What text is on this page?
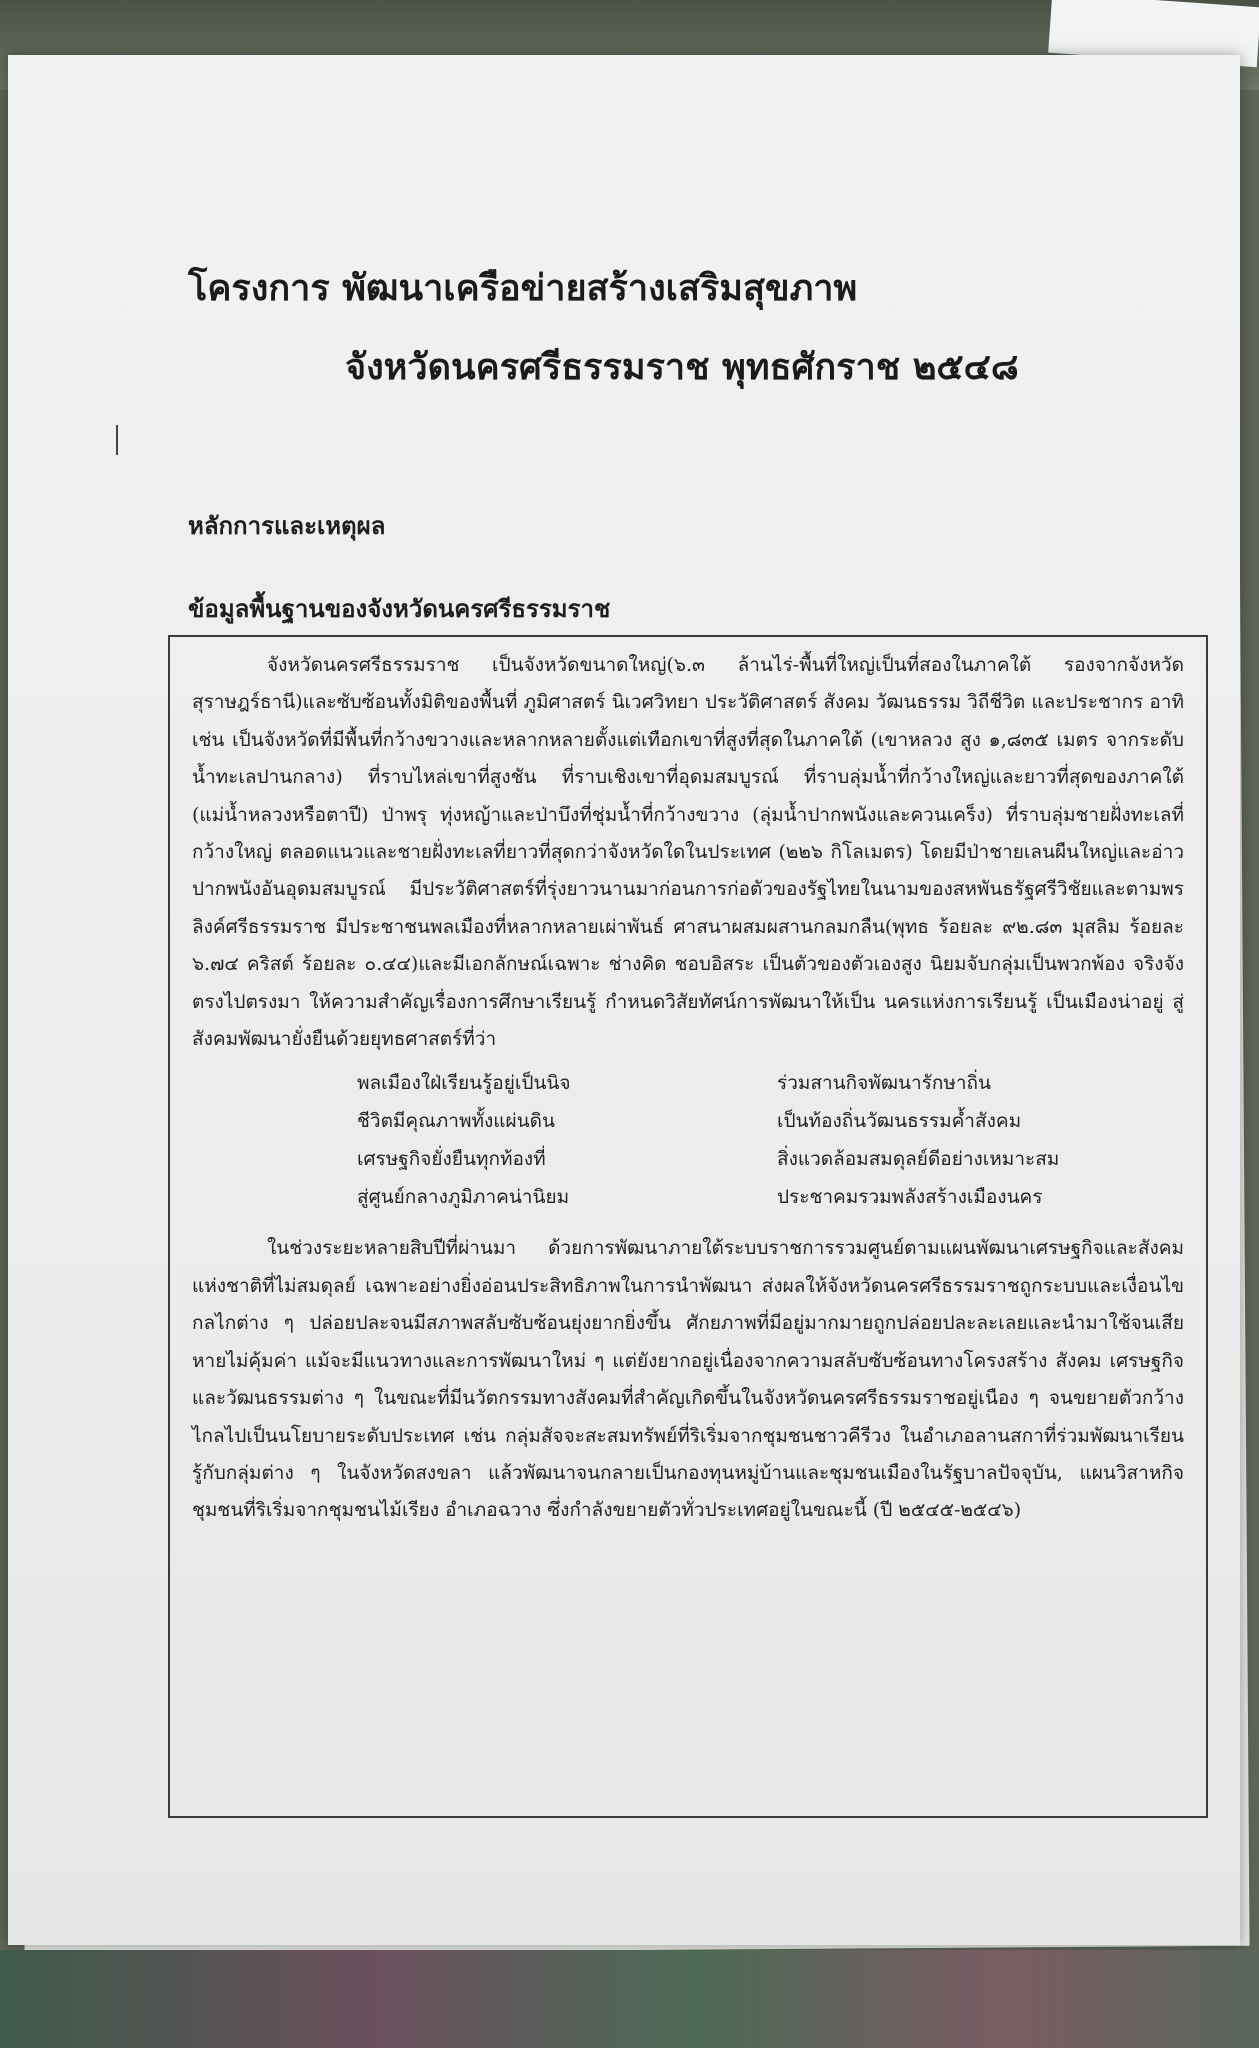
โครงการ พัฒนาเครือข่ายสร้างเสริมสุขภาพ
จังหวัดนครศรีธรรมราช พุทธศักราช ๒๕๔๘
หลักการและเหตุผล
ข้อมูลพื้นฐานของจังหวัดนครศรีธรรมราช

จังหวัดนครศรีธรรมราช เป็นจังหวัดขนาดใหญ่(๖.๓ ล้านไร่-พื้นที่ใหญ่เป็นที่สองในภาคใต้ รองจากจังหวัดสุราษฎร์ธานี)และซับซ้อนทั้งมิติของพื้นที่ ภูมิศาสตร์ นิเวศวิทยา ประวัติศาสตร์ สังคม วัฒนธรรม วิถีชีวิต และประชากร อาทิเช่น เป็นจังหวัดที่มีพื้นที่กว้างขวางและหลากหลายตั้งแต่เทือกเขาที่สูงที่สุดในภาคใต้ (เขาหลวง สูง ๑,๘๓๕ เมตร จากระดับน้ำทะเลปานกลาง) ที่ราบไหล่เขาที่สูงชัน ที่ราบเชิงเขาที่อุดมสมบูรณ์ ที่ราบลุ่มน้ำที่กว้างใหญ่และยาวที่สุดของภาคใต้ (แม่น้ำหลวงหรือตาปี) ป่าพรุ ทุ่งหญ้าและป่าบึงที่ชุ่มน้ำที่กว้างขวาง (ลุ่มน้ำปากพนังและควนเคร็ง) ที่ราบลุ่มชายฝั่งทะเลที่กว้างใหญ่ ตลอดแนวและชายฝั่งทะเลที่ยาวที่สุดกว่าจังหวัดใดในประเทศ (๒๒๖ กิโลเมตร) โดยมีป่าชายเลนผืนใหญ่และอ่าวปากพนังอันอุดมสมบูรณ์ มีประวัติศาสตร์ที่รุ่งยาวนานมาก่อนการก่อตัวของรัฐไทยในนามของสหพันธรัฐศรีวิชัยและตามพรลิงค์ศรีธรรมราช มีประชาชนพลเมืองที่หลากหลายเผ่าพันธ์ ศาสนาผสมผสานกลมกลืน(พุทธ ร้อยละ ๙๒.๘๓ มุสลิม ร้อยละ ๖.๗๔ คริสต์ ร้อยละ ๐.๔๔)และมีเอกลักษณ์เฉพาะ ช่างคิด ชอบอิสระ เป็นตัวของตัวเองสูง นิยมจับกลุ่มเป็นพวกพ้อง จริงจัง ตรงไปตรงมา ให้ความสำคัญเรื่องการศึกษาเรียนรู้ กำหนดวิสัยทัศน์การพัฒนาให้เป็น นครแห่งการเรียนรู้ เป็นเมืองน่าอยู่ สู่สังคมพัฒนายั่งยืนด้วยยุทธศาสตร์ที่ว่า

พลเมืองใฝ่เรียนรู้อยู่เป็นนิจ	ร่วมสานกิจพัฒนารักษาถิ่น
ชีวิตมีคุณภาพทั้งแผ่นดิน	เป็นท้องถิ่นวัฒนธรรมค้ำสังคม
เศรษฐกิจยั่งยืนทุกท้องที่	สิ่งแวดล้อมสมดุลย์ดีอย่างเหมาะสม
สู่ศูนย์กลางภูมิภาคน่านิยม	ประชาคมรวมพลังสร้างเมืองนคร

ในช่วงระยะหลายสิบปีที่ผ่านมา ด้วยการพัฒนาภายใต้ระบบราชการรวมศูนย์ตามแผนพัฒนาเศรษฐกิจและสังคมแห่งชาติที่ไม่สมดุลย์ เฉพาะอย่างยิ่งอ่อนประสิทธิภาพในการนำพัฒนา ส่งผลให้จังหวัดนครศรีธรรมราชถูกระบบและเงื่อนไขกลไกต่าง ๆ ปล่อยปละจนมีสภาพสลับซับซ้อนยุ่งยากยิ่งขึ้น ศักยภาพที่มีอยู่มากมายถูกปล่อยปละละเลยและนำมาใช้จนเสียหายไม่คุ้มค่า แม้จะมีแนวทางและการพัฒนาใหม่ ๆ แต่ยังยากอยู่เนื่องจากความสลับซับซ้อนทางโครงสร้าง สังคม เศรษฐกิจ และวัฒนธรรมต่าง ๆ ในขณะที่มีนวัตกรรมทางสังคมที่สำคัญเกิดขึ้นในจังหวัดนครศรีธรรมราชอยู่เนือง ๆ จนขยายตัวกว้างไกลไปเป็นนโยบายระดับประเทศ เช่น กลุ่มสัจจะสะสมทรัพย์ที่ริเริ่มจากชุมชนชาวคีรีวง ในอำเภอลานสกาที่ร่วมพัฒนาเรียนรู้กับกลุ่มต่าง ๆ ในจังหวัดสงขลา แล้วพัฒนาจนกลายเป็นกองทุนหมู่บ้านและชุมชนเมืองในรัฐบาลปัจจุบัน, แผนวิสาหกิจชุมชนที่ริเริ่มจากชุมชนไม้เรียง อำเภอฉวาง ซึ่งกำลังขยายตัวทั่วประเทศอยู่ในขณะนี้ (ปี ๒๕๔๕-๒๕๔๖)
